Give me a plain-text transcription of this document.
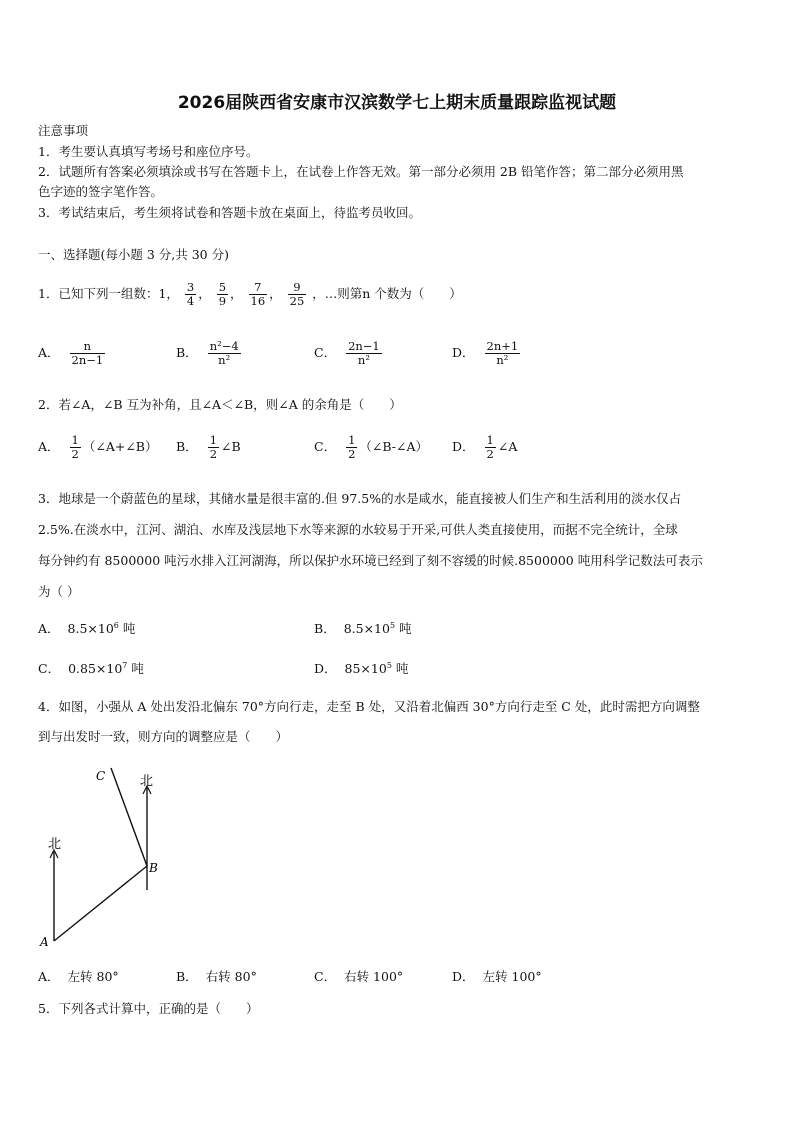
2026届陕西省安康市汉滨数学七上期末质量跟踪监视试题
注意事项
1．考生要认真填写考场号和座位序号。
2．试题所有答案必须填涂或书写在答题卡上，在试卷上作答无效。第一部分必须用 2B 铅笔作答；第二部分必须用黑
色字迹的签字笔作答。
3．考试结束后，考生须将试卷和答题卡放在桌面上，待监考员收回。
一、选择题(每小题 3 分,共 30 分)
1．已知下列一组数：1， $\frac{3}{4}$ ， $\frac{5}{9}$ ， $\frac{7}{16}$ ， $\frac{9}{25}$ ，…则第n 个数为（　　）
A． $\frac{n}{2n-1}$	B． $\frac{\text{n²−4}}{\text{n²}}$	C． $\frac{2n-1}{\text{n²}}$	D． $\frac{2n+1}{\text{n²}}$
2．若∠A，∠B 互为补角，且∠A＜∠B，则∠A 的余角是（　　）
A． $\frac{1}{2}$ （∠A+∠B） B． $\frac{1}{2}$ ∠B	C． $\frac{1}{2}$ （∠B-∠A） D． $\frac{1}{2}$ ∠A
3．地球是一个蔚蓝色的星球，其储水量是很丰富的.但 97.5%的水是咸水，能直接被人们生产和生活利用的淡水仅占
2.5%.在淡水中，江河、湖泊、水库及浅层地下水等来源的水较易于开采,可供人类直接使用，而据不完全统计，全球
每分钟约有 8500000 吨污水排入江河湖海，所以保护水环境已经到了刻不容缓的时候.8500000 吨用科学记数法可表示
为（ ）
A． $8.5\times 10^6$ 吨	B． $8.5\times 10^5$ 吨
C． $0.85\times 10^7$ 吨	D． $85\times 10^5$ 吨
4．如图，小强从 A 处出发沿北偏东 70°方向行走，走至 B 处，又沿着北偏西 30°方向行走至 C 处，此时需把方向调整
到与出发时一致，则方向的调整应是（　　）
北
北
A
B
C
A． 左转 80°	B． 右转 80°	C． 右转 100°	D． 左转 100°
5．下列各式计算中，正确的是（　　）
